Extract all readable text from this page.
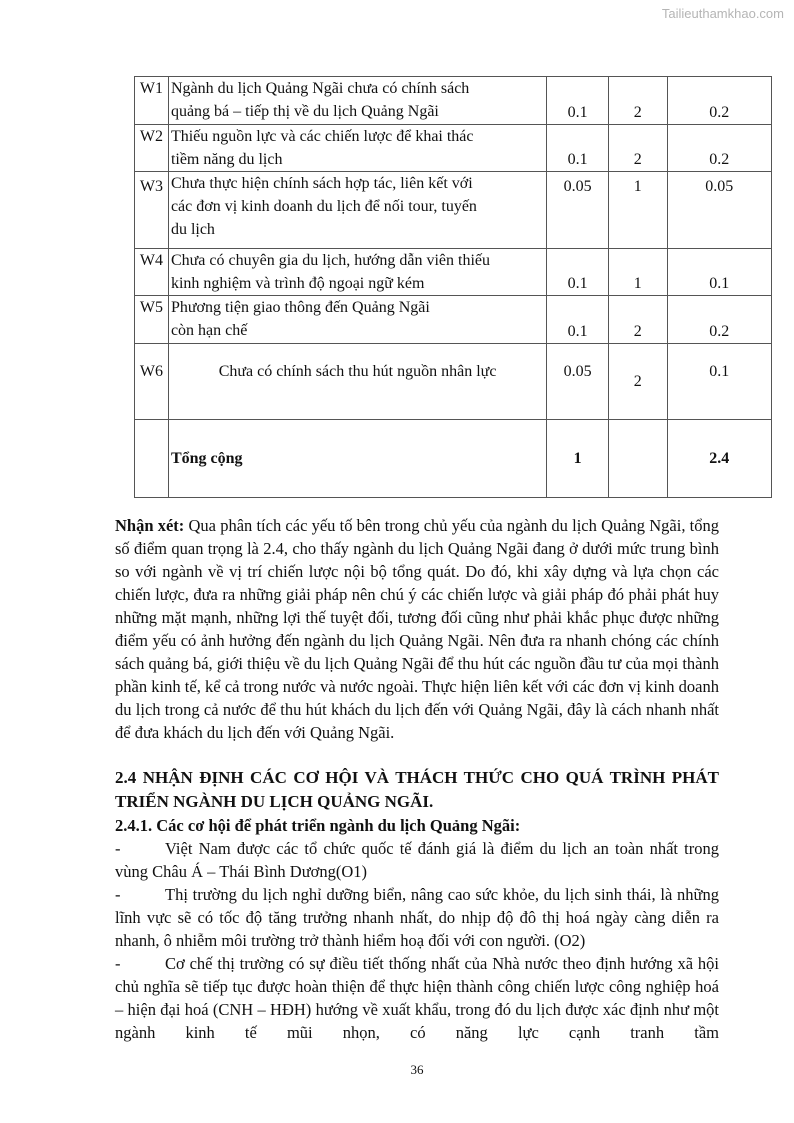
Tailieuthamkhao.com
W1	Ngành du lịch Quảng Ngãi chưa có chính sách
quảng bá – tiếp thị về du lịch Quảng Ngãi	0.1	2	0.2
W2	Thiếu nguồn lực và các chiến lược để khai thác
tiềm năng du lịch	0.1	2	0.2
W3	Chưa thực hiện chính sách hợp tác, liên kết với
các đơn vị kinh doanh du lịch để nối tour, tuyến
du lịch	0.05	1	0.05
W4	Chưa có chuyên gia du lịch, hướng dẫn viên thiếu
kinh nghiệm và trình độ ngoại ngữ kém	0.1	1	0.1
W5	Phương tiện giao thông đến Quảng Ngãi
còn hạn chế	0.1	2	0.2
W6	Chưa có chính sách thu hút nguồn nhân lực	0.05	2	0.1
	Tổng cộng	1		2.4

Nhận xét: Qua phân tích các yếu tố bên trong chủ yếu của ngành du lịch Quảng Ngãi, tổng số điểm quan trọng là 2.4, cho thấy ngành du lịch Quảng Ngãi đang ở dưới mức trung bình so với ngành về vị trí chiến lược nội bộ tổng quát. Do đó, khi xây dựng và lựa chọn các chiến lược, đưa ra những giải pháp nên chú ý các chiến lược và giải pháp đó phải phát huy những mặt mạnh, những lợi thế tuyệt đối, tương đối cũng như phải khắc phục được những điểm yếu có ảnh hưởng đến ngành du lịch Quảng Ngãi. Nên đưa ra nhanh chóng các chính sách quảng bá, giới thiệu về du lịch Quảng Ngãi để thu hút các nguồn đầu tư của mọi thành phần kinh tế, kể cả trong nước và nước ngoài. Thực hiện liên kết với các đơn vị kinh doanh du lịch trong cả nước để thu hút khách du lịch đến với Quảng Ngãi, đây là cách nhanh nhất để đưa khách du lịch đến với Quảng Ngãi.

2.4 NHẬN ĐỊNH CÁC CƠ HỘI VÀ THÁCH THỨC CHO QUÁ TRÌNH PHÁT TRIỂN NGÀNH DU LỊCH QUẢNG NGÃI.
2.4.1. Các cơ hội để phát triển ngành du lịch Quảng Ngãi:

-	Việt Nam được các tổ chức quốc tế đánh giá là điểm du lịch an toàn nhất trong vùng Châu Á – Thái Bình Dương(O1)

-	Thị trường du lịch nghỉ dưỡng biển, nâng cao sức khỏe, du lịch sinh thái, là những lĩnh vực sẽ có tốc độ tăng trưởng nhanh nhất, do nhịp độ đô thị hoá ngày càng diễn ra nhanh, ô nhiễm môi trường trở thành hiểm hoạ đối với con người. (O2)

-	Cơ chế thị trường có sự điều tiết thống nhất của Nhà nước theo định hướng xã hội chủ nghĩa sẽ tiếp tục được hoàn thiện để thực hiện thành công chiến lược công nghiệp hoá – hiện đại hoá (CNH – HĐH) hướng về xuất khẩu, trong đó du lịch được xác định như một ngành kinh tế mũi nhọn, có năng lực cạnh tranh tầm

36
